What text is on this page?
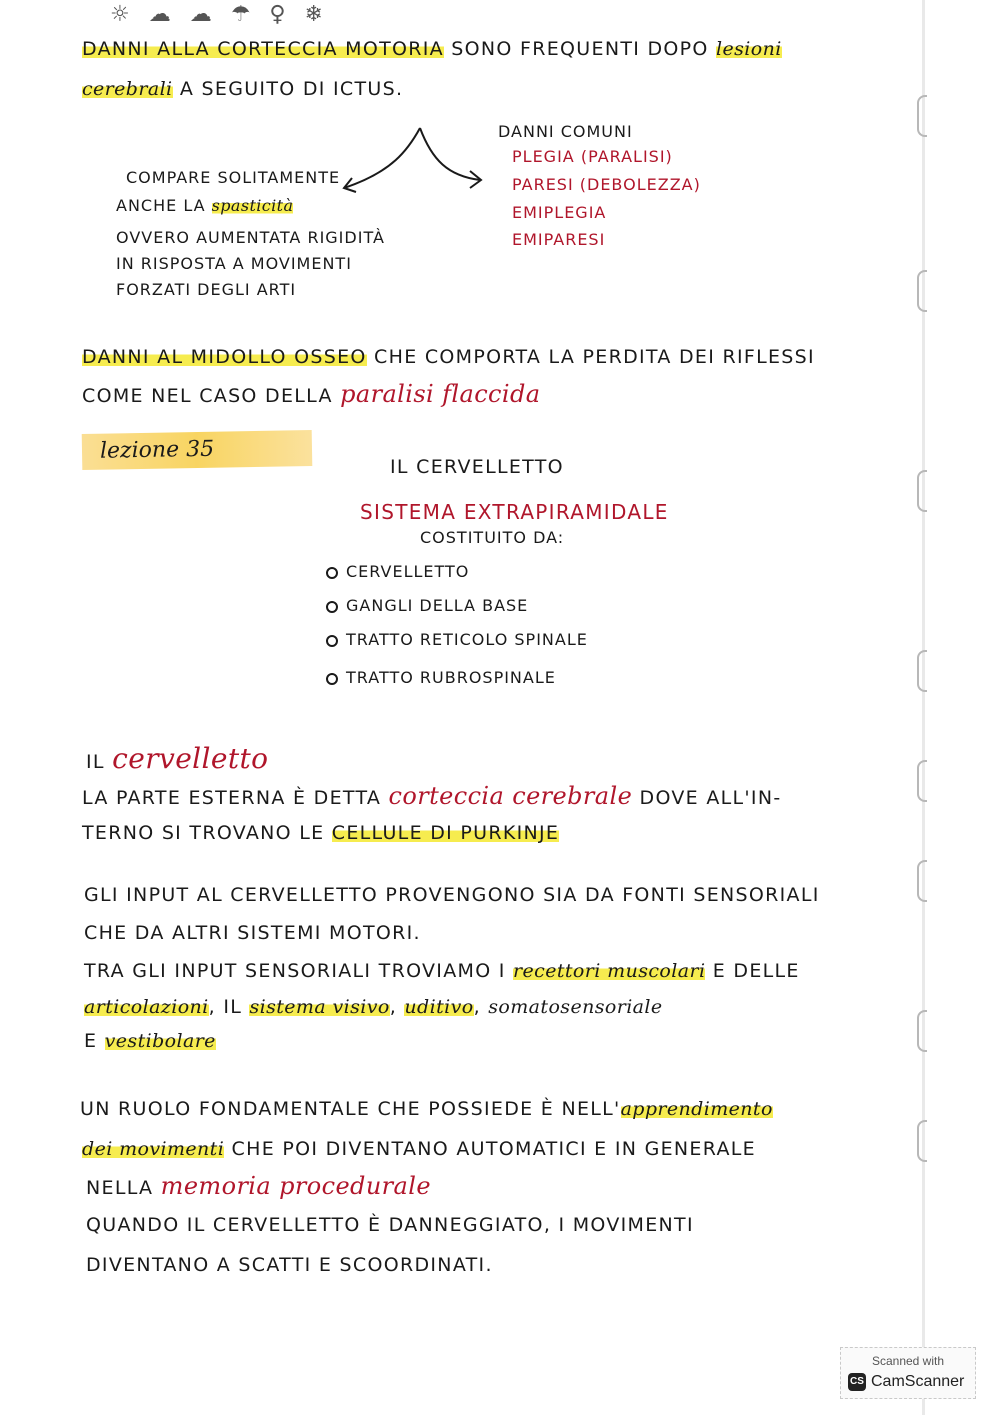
☼ ☁ ☁ ☂ ♀ ❄
DANNI ALLA CORTECCIA MOTORIA SONO FREQUENTI DOPO lesioni
cerebrali A SEGUITO DI ICTUS.
COMPARE SOLITAMENTE
ANCHE LA spasticità
OVVERO AUMENTATA RIGIDITÀ
IN RISPOSTA A MOVIMENTI
FORZATI DEGLI ARTI
DANNI COMUNI
PLEGIA (PARALISI)
PARESI (DEBOLEZZA)
EMIPLEGIA
EMIPARESI
DANNI AL MIDOLLO OSSEO CHE COMPORTA LA PERDITA DEI RIFLESSI
COME NEL CASO DELLA paralisi flaccida
lezione 35
IL CERVELLETTO
SISTEMA EXTRAPIRAMIDALE
COSTITUITO DA:
CERVELLETTO
GANGLI DELLA BASE
TRATTO RETICOLO SPINALE
TRATTO RUBROSPINALE
IL cervelletto
LA PARTE ESTERNA È DETTA corteccia cerebrale DOVE ALL'IN-
TERNO SI TROVANO LE CELLULE DI PURKINJE
GLI INPUT AL CERVELLETTO PROVENGONO SIA DA FONTI SENSORIALI
CHE DA ALTRI SISTEMI MOTORI.
TRA GLI INPUT SENSORIALI TROVIAMO I recettori muscolari E DELLE
articolazioni, IL sistema visivo, uditivo, somatosensoriale
E vestibolare
UN RUOLO FONDAMENTALE CHE POSSIEDE È NELL'apprendimento
dei movimenti CHE POI DIVENTANO AUTOMATICI E IN GENERALE
NELLA memoria procedurale
QUANDO IL CERVELLETTO È DANNEGGIATO, I MOVIMENTI
DIVENTANO A SCATTI E SCOORDINATI.
Scanned with
CS CamScanner
